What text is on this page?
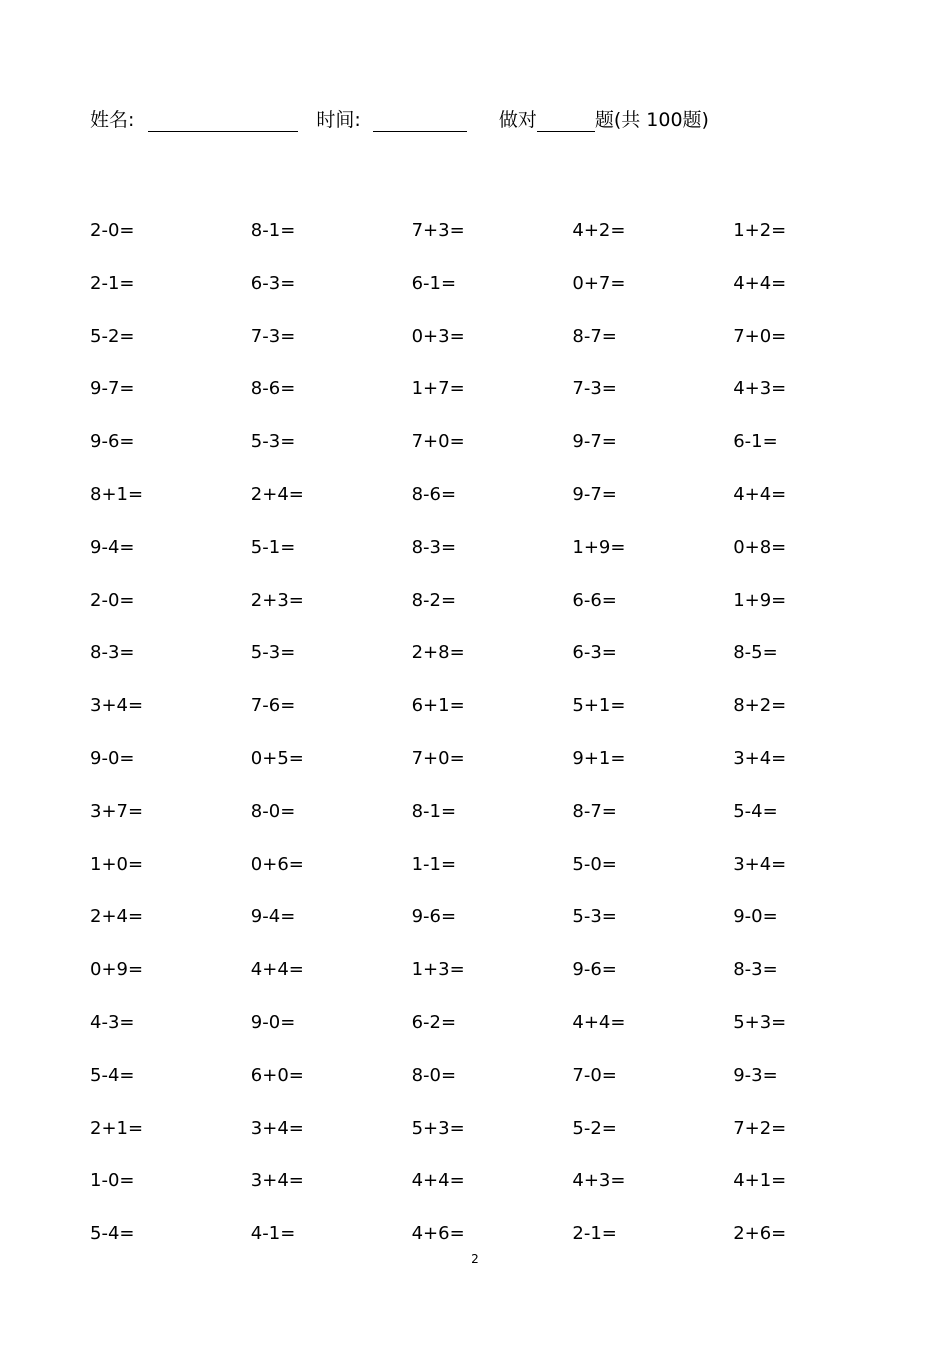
姓名:	时间:	做对	题(共 100题)
2-0=	8-1=	7+3=	4+2=	1+2=
2-1=	6-3=	6-1=	0+7=	4+4=
5-2=	7-3=	0+3=	8-7=	7+0=
9-7=	8-6=	1+7=	7-3=	4+3=
9-6=	5-3=	7+0=	9-7=	6-1=
8+1=	2+4=	8-6=	9-7=	4+4=
9-4=	5-1=	8-3=	1+9=	0+8=
2-0=	2+3=	8-2=	6-6=	1+9=
8-3=	5-3=	2+8=	6-3=	8-5=
3+4=	7-6=	6+1=	5+1=	8+2=
9-0=	0+5=	7+0=	9+1=	3+4=
3+7=	8-0=	8-1=	8-7=	5-4=
1+0=	0+6=	1-1=	5-0=	3+4=
2+4=	9-4=	9-6=	5-3=	9-0=
0+9=	4+4=	1+3=	9-6=	8-3=
4-3=	9-0=	6-2=	4+4=	5+3=
5-4=	6+0=	8-0=	7-0=	9-3=
2+1=	3+4=	5+3=	5-2=	7+2=
1-0=	3+4=	4+4=	4+3=	4+1=
5-4=	4-1=	4+6=	2-1=	2+6=
2
